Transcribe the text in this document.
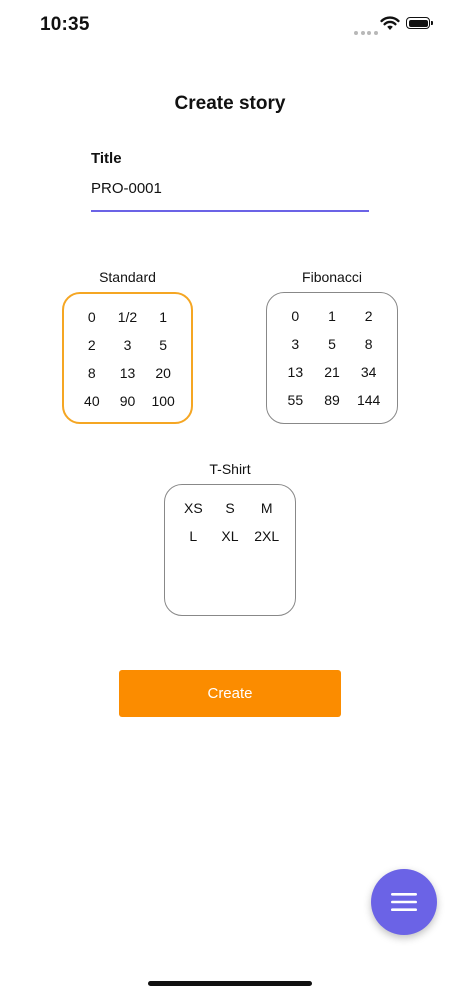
10:35
Create story
Title
PRO-0001
Standard
0	1/2	1
2	3	5
8	13	20
40	90	100
Fibonacci
0	1	2
3	5	8
13	21	34
55	89	144
T-Shirt
XS	S	M
L	XL	2XL
Create
